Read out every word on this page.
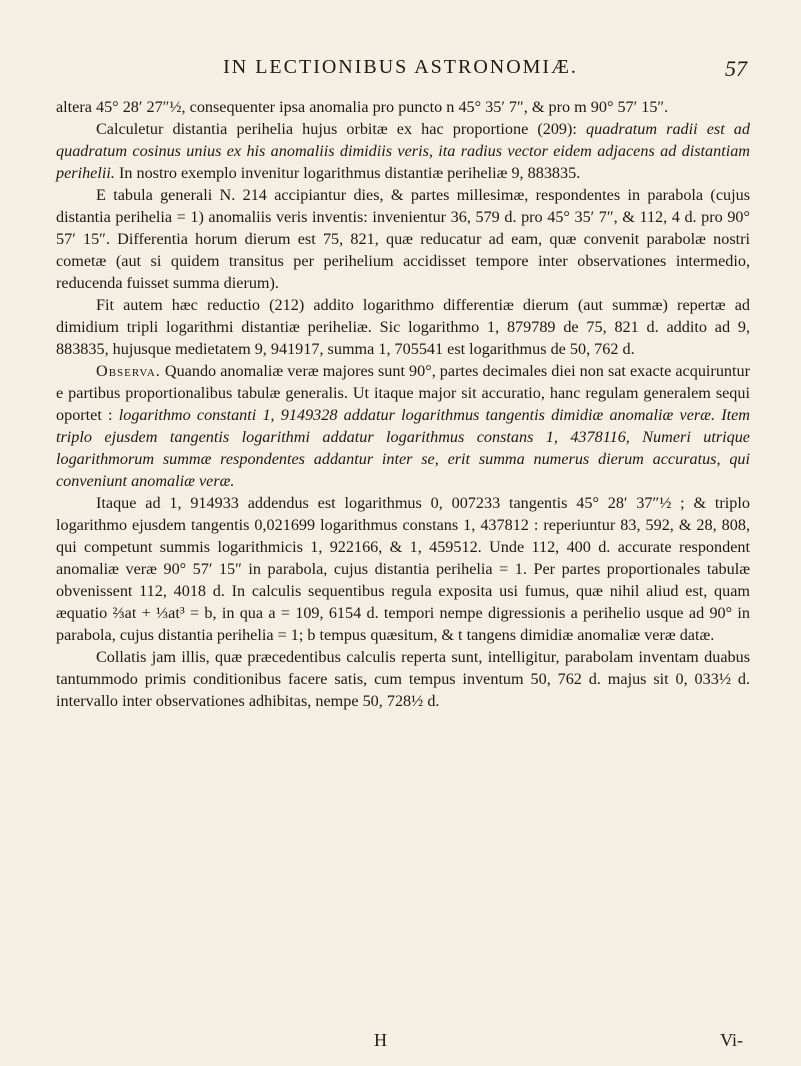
IN LECTIONIBUS ASTRONOMIÆ.	57

altera 45° 28′ 27″½, consequenter ipsa anomalia pro puncto n 45° 35′ 7″, & pro m 90° 57′ 15″.

Calculetur distantia perihelia hujus orbitæ ex hac proportione (209): quadratum radii est ad quadratum cosinus unius ex his anomaliis dimidiis veris, ita radius vector eidem adjacens ad distantiam perihelii. In nostro exemplo invenitur logarithmus distantiæ periheliæ 9, 883835.

E tabula generali N. 214 accipiantur dies, & partes millesimæ, respondentes in parabola (cujus distantia perihelia = 1) anomaliis veris inventis: invenientur 36, 579 d. pro 45° 35′ 7″, & 112, 4 d. pro 90° 57′ 15″. Differentia horum dierum est 75, 821, quæ reducatur ad eam, quæ convenit parabolæ nostri cometæ (aut si quidem transitus per perihelium accidisset tempore inter observationes intermedio, reducenda fuisset summa dierum).

Fit autem hæc reductio (212) addito logarithmo differentiæ dierum (aut summæ) repertæ ad dimidium tripli logarithmi distantiæ periheliæ. Sic logarithmo 1, 879789 de 75, 821 d. addito ad 9, 883835, hujusque medietatem 9, 941917, summa 1, 705541 est logarithmus de 50, 762 d.

Observa. Quando anomaliæ veræ majores sunt 90°, partes decimales diei non sat exacte acquiruntur e partibus proportionalibus tabulæ generalis. Ut itaque major sit accuratio, hanc regulam generalem sequi oportet : logarithmo constanti 1, 9149328 addatur logarithmus tangentis dimidiæ anomaliæ veræ. Item triplo ejusdem tangentis logarithmi addatur logarithmus constans 1, 4378116, Numeri utrique logarithmorum summæ respondentes addantur inter se, erit summa numerus dierum accuratus, qui conveniunt anomaliæ veræ.

Itaque ad 1, 914933 addendus est logarithmus 0, 007233 tangentis 45° 28′ 37″½ ; & triplo logarithmo ejusdem tangentis 0,021699 logarithmus constans 1, 437812 : reperiuntur 83, 592, & 28, 808, qui competunt summis logarithmicis 1, 922166, & 1, 459512. Unde 112, 400 d. accurate respondent anomaliæ veræ 90° 57′ 15″ in parabola, cujus distantia perihelia = 1. Per partes proportionales tabulæ obvenissent 112, 4018 d. In calculis sequentibus regula exposita usi fumus, quæ nihil aliud est, quam æquatio ⅔at + ⅓at³ = b, in qua a = 109, 6154 d. tempori nempe digressionis a perihelio usque ad 90° in parabola, cujus distantia perihelia = 1; b tempus quæsitum, & t tangens dimidiæ anomaliæ veræ datæ.

Collatis jam illis, quæ præcedentibus calculis reperta sunt, intelligitur, parabolam inventam duabus tantummodo primis conditionibus facere satis, cum tempus inventum 50, 762 d. majus sit 0, 033½ d. intervallo inter observationes adhibitas, nempe 50, 728½ d.

H	Vi-
